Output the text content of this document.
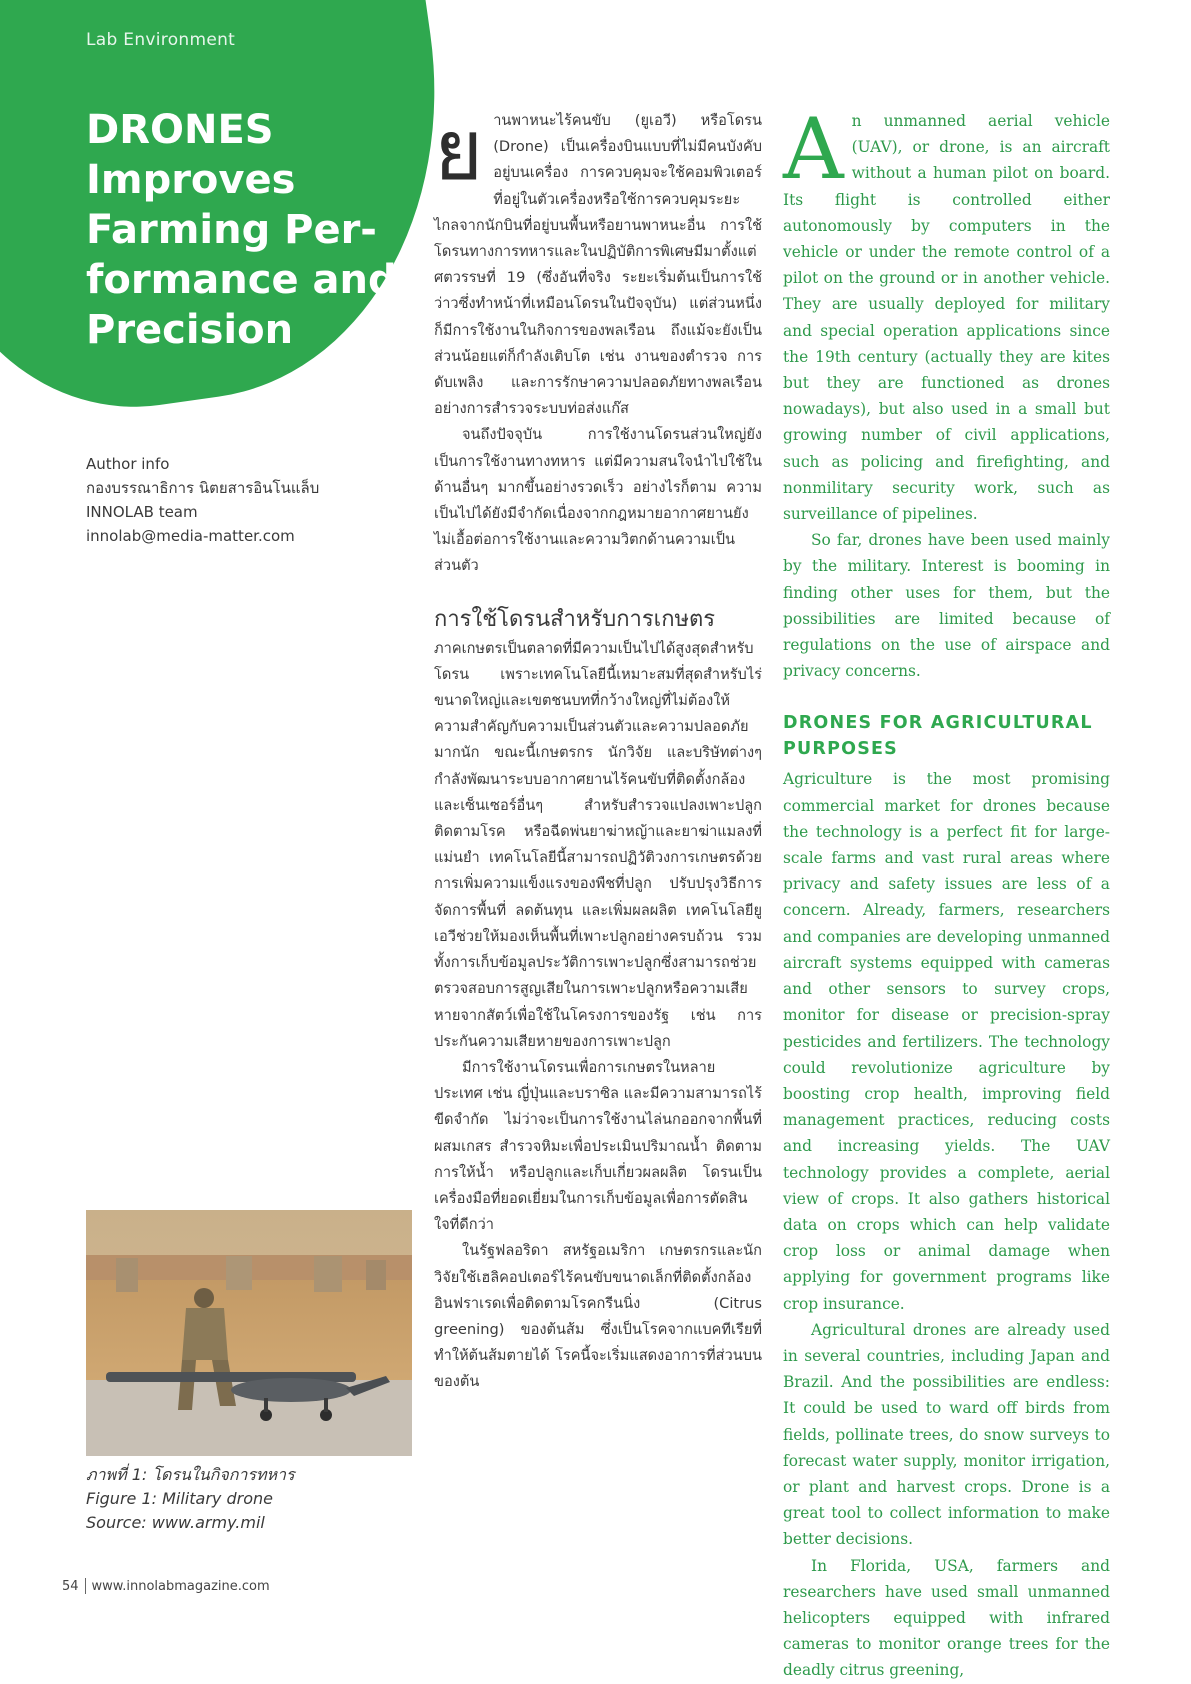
Lab Environment
DRONES
Improves
Farming Per-
formance and
Precision
Author info
กองบรรณาธิการ นิตยสารอินโนแล็บ
INNOLAB team
innolab@media-matter.com
ภาพที่ 1: โดรนในกิจการทหาร
Figure 1: Military drone
Source: www.army.mil

ย านพาหนะไร้คนขับ (ยูเอวี) หรือโดรน (Drone) เป็นเครื่องบินแบบที่ไม่มีคนบังคับอยู่บนเครื่อง การควบคุมจะใช้คอมพิวเตอร์ที่อยู่ในตัวเครื่องหรือใช้การควบคุมระยะไกลจากนักบินที่อยู่บนพื้นหรือยานพาหนะอื่น การใช้โดรนทางการทหารและในปฏิบัติการพิเศษมีมาตั้งแต่ศตวรรษที่ 19 (ซึ่งอันที่จริง ระยะเริ่มต้นเป็นการใช้ว่าวซึ่งทำหน้าที่เหมือนโดรนในปัจจุบัน) แต่ส่วนหนึ่งก็มีการใช้งานในกิจการของพลเรือน ถึงแม้จะยังเป็นส่วนน้อยแต่ก็กำลังเติบโต เช่น งานของตำรวจ การดับเพลิง และการรักษาความปลอดภัยทางพลเรือนอย่างการสำรวจระบบท่อส่งแก๊ส

จนถึงปัจจุบัน การใช้งานโดรนส่วนใหญ่ยังเป็นการใช้งานทางทหาร แต่มีความสนใจนำไปใช้ในด้านอื่นๆ มากขึ้นอย่างรวดเร็ว อย่างไรก็ตาม ความเป็นไปได้ยังมีจำกัดเนื่องจากกฎหมายอากาศยานยังไม่เอื้อต่อการใช้งานและความวิตกด้านความเป็นส่วนตัว

การใช้โดรนสำหรับการเกษตร

ภาคเกษตรเป็นตลาดที่มีความเป็นไปได้สูงสุดสำหรับโดรน เพราะเทคโนโลยีนี้เหมาะสมที่สุดสำหรับไร่ขนาดใหญ่และเขตชนบทที่กว้างใหญ่ที่ไม่ต้องให้ความสำคัญกับความเป็นส่วนตัวและความปลอดภัยมากนัก ขณะนี้เกษตรกร นักวิจัย และบริษัทต่างๆ กำลังพัฒนาระบบอากาศยานไร้คนขับที่ติดตั้งกล้องและเซ็นเซอร์อื่นๆ สำหรับสำรวจแปลงเพาะปลูก ติดตามโรค หรือฉีดพ่นยาฆ่าหญ้าและยาฆ่าแมลงที่แม่นยำ เทคโนโลยีนี้สามารถปฏิวัติวงการเกษตรด้วยการเพิ่มความแข็งแรงของพืชที่ปลูก ปรับปรุงวิธีการจัดการพื้นที่ ลดต้นทุน และเพิ่มผลผลิต เทคโนโลยียูเอวีช่วยให้มองเห็นพื้นที่เพาะปลูกอย่างครบถ้วน รวมทั้งการเก็บข้อมูลประวัติการเพาะปลูกซึ่งสามารถช่วยตรวจสอบการสูญเสียในการเพาะปลูกหรือความเสียหายจากสัตว์เพื่อใช้ในโครงการของรัฐ เช่น การประกันความเสียหายของการเพาะปลูก

มีการใช้งานโดรนเพื่อการเกษตรในหลายประเทศ เช่น ญี่ปุ่นและบราซิล และมีความสามารถไร้ขีดจำกัด ไม่ว่าจะเป็นการใช้งานไล่นกออกจากพื้นที่ ผสมเกสร สำรวจหิมะเพื่อประเมินปริมาณน้ำ ติดตามการให้น้ำ หรือปลูกและเก็บเกี่ยวผลผลิต โดรนเป็นเครื่องมือที่ยอดเยี่ยมในการเก็บข้อมูลเพื่อการตัดสินใจที่ดีกว่า

ในรัฐฟลอริดา สหรัฐอเมริกา เกษตรกรและนักวิจัยใช้เฮลิคอปเตอร์ไร้คนขับขนาดเล็กที่ติดตั้งกล้องอินฟราเรดเพื่อติดตามโรคกรีนนิ่ง (Citrus greening) ของต้นส้ม ซึ่งเป็นโรคจากแบคทีเรียที่ทำให้ต้นส้มตายได้ โรคนี้จะเริ่มแสดงอาการที่ส่วนบนของต้น

A n unmanned aerial vehicle (UAV), or drone, is an aircraft without a human pilot on board. Its flight is controlled either autonomously by computers in the vehicle or under the remote control of a pilot on the ground or in another vehicle. They are usually deployed for military and special operation applications since the 19th century (actually they are kites but they are functioned as drones nowadays), but also used in a small but growing number of civil applications, such as policing and firefighting, and nonmilitary security work, such as surveillance of pipelines.

So far, drones have been used mainly by the military. Interest is booming in finding other uses for them, but the possibilities are limited because of regulations on the use of airspace and privacy concerns.

DRONES FOR AGRICULTURAL PURPOSES

Agriculture is the most promising commercial market for drones because the technology is a perfect fit for large-scale farms and vast rural areas where privacy and safety issues are less of a concern. Already, farmers, researchers and companies are developing unmanned aircraft systems equipped with cameras and other sensors to survey crops, monitor for disease or precision-spray pesticides and fertilizers. The technology could revolutionize agriculture by boosting crop health, improving field management practices, reducing costs and increasing yields. The UAV technology provides a complete, aerial view of crops. It also gathers historical data on crops which can help validate crop loss or animal damage when applying for government programs like crop insurance.

Agricultural drones are already used in several countries, including Japan and Brazil. And the possibilities are endless: It could be used to ward off birds from fields, pollinate trees, do snow surveys to forecast water supply, monitor irrigation, or plant and harvest crops. Drone is a great tool to collect information to make better decisions.

In Florida, USA, farmers and researchers have used small unmanned helicopters equipped with infrared cameras to monitor orange trees for the deadly citrus greening,

54 www.innolabmagazine.com
